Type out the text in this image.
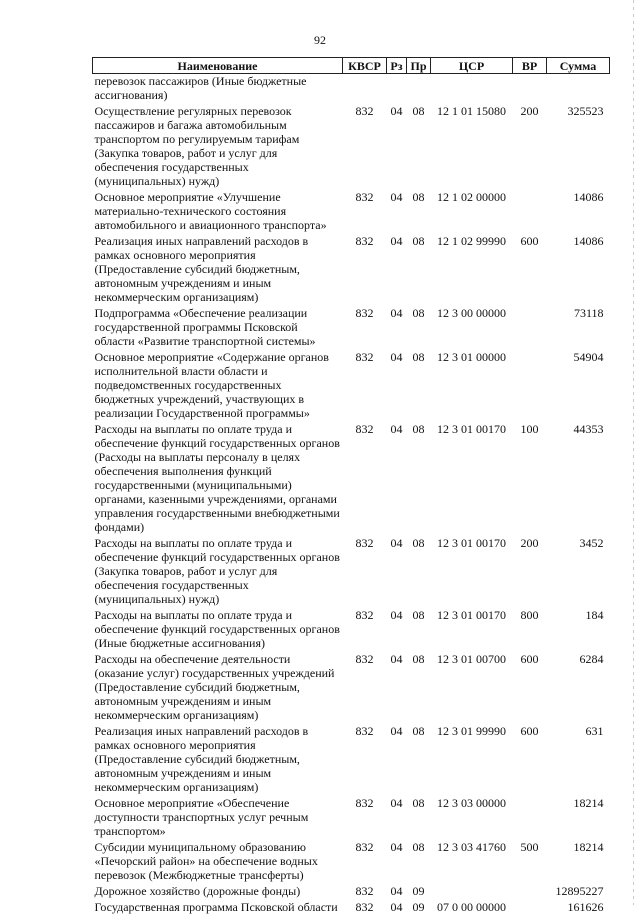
92
Наименование	КВСР	Рз	Пр	ЦСР	ВР	Сумма
перевозок пассажиров (Иные бюджетные ассигнования)						
Осуществление регулярных перевозок пассажиров и багажа автомобильным транспортом по регулируемым тарифам (Закупка товаров, работ и услуг для обеспечения государственных (муниципальных) нужд)	832	04	08	12 1 01 15080	200	325523
Основное мероприятие «Улучшение материально-технического состояния автомобильного и авиационного транспорта»	832	04	08	12 1 02 00000		14086
Реализация иных направлений расходов в рамках основного мероприятия (Предоставление субсидий бюджетным, автономным учреждениям и иным некоммерческим организациям)	832	04	08	12 1 02 99990	600	14086
Подпрограмма «Обеспечение реализации государственной программы Псковской области «Развитие транспортной системы»	832	04	08	12 3 00 00000		73118
Основное мероприятие «Содержание органов исполнительной власти области и подведомственных государственных бюджетных учреждений, участвующих в реализации Государственной программы»	832	04	08	12 3 01 00000		54904
Расходы на выплаты по оплате труда и обеспечение функций государственных органов (Расходы на выплаты персоналу в целях обеспечения выполнения функций государственными (муниципальными) органами, казенными учреждениями, органами управления государственными внебюджетными фондами)	832	04	08	12 3 01 00170	100	44353
Расходы на выплаты по оплате труда и обеспечение функций государственных органов (Закупка товаров, работ и услуг для обеспечения государственных (муниципальных) нужд)	832	04	08	12 3 01 00170	200	3452
Расходы на выплаты по оплате труда и обеспечение функций государственных органов (Иные бюджетные ассигнования)	832	04	08	12 3 01 00170	800	184
Расходы на обеспечение деятельности (оказание услуг) государственных учреждений (Предоставление субсидий бюджетным, автономным учреждениям и иным некоммерческим организациям)	832	04	08	12 3 01 00700	600	6284
Реализация иных направлений расходов в рамках основного мероприятия (Предоставление субсидий бюджетным, автономным учреждениям и иным некоммерческим организациям)	832	04	08	12 3 01 99990	600	631
Основное мероприятие «Обеспечение доступности транспортных услуг речным транспортом»	832	04	08	12 3 03 00000		18214
Субсидии муниципальному образованию «Печорский район» на обеспечение водных перевозок (Межбюджетные трансферты)	832	04	08	12 3 03 41760	500	18214
Дорожное хозяйство (дорожные фонды)	832	04	09			12895227
Государственная программа Псковской области	832	04	09	07 0 00 00000		161626
